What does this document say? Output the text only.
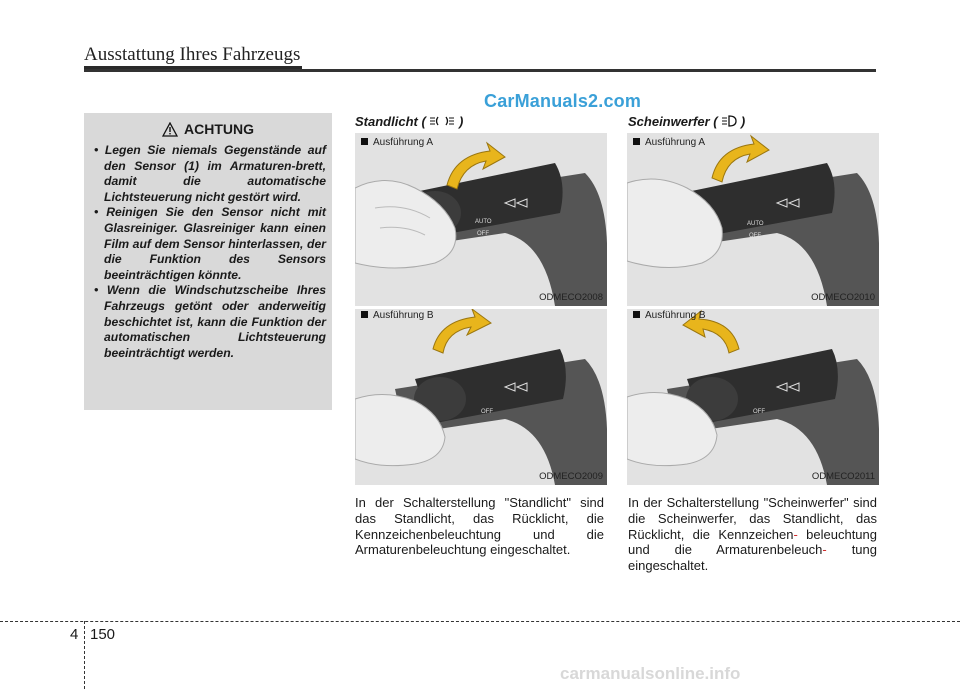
Ausstattung Ihres Fahrzeugs
CarManuals2.com
ACHTUNG
• Legen Sie niemals Gegenstände auf den Sensor (1) im Armaturen-brett, damit die automatische Lichtsteuerung nicht gestört wird.
• Reinigen Sie den Sensor nicht mit Glasreiniger. Glasreiniger kann einen Film auf dem Sensor hinterlassen, der die Funktion des Sensors beeinträchtigen könnte.
• Wenn die Windschutzscheibe Ihres Fahrzeugs getönt oder anderweitig beschichtet ist, kann die Funktion der automatischen Lichtsteuerung beeinträchtigt werden.
Standlicht (	)
AUTO
OFF
Ausführung A
ODMECO2008
OFF
Ausführung B
ODMECO2009
In der Schalterstellung "Standlicht" sind das Standlicht, das Rücklicht, die Kennzeichenbeleuchtung und die Armaturenbeleuchtung eingeschaltet.
Scheinwerfer ( )
AUTO
OFF
Ausführung A
ODMECO2010
OFF
Ausführung B
ODMECO2011
In der Schalterstellung "Scheinwerfer" sind die Scheinwerfer, das Standlicht, das Rücklicht, die Kennzeichen- beleuchtung und die Armaturenbeleuch- tung eingeschaltet.
4 150
carmanualsonline.info
